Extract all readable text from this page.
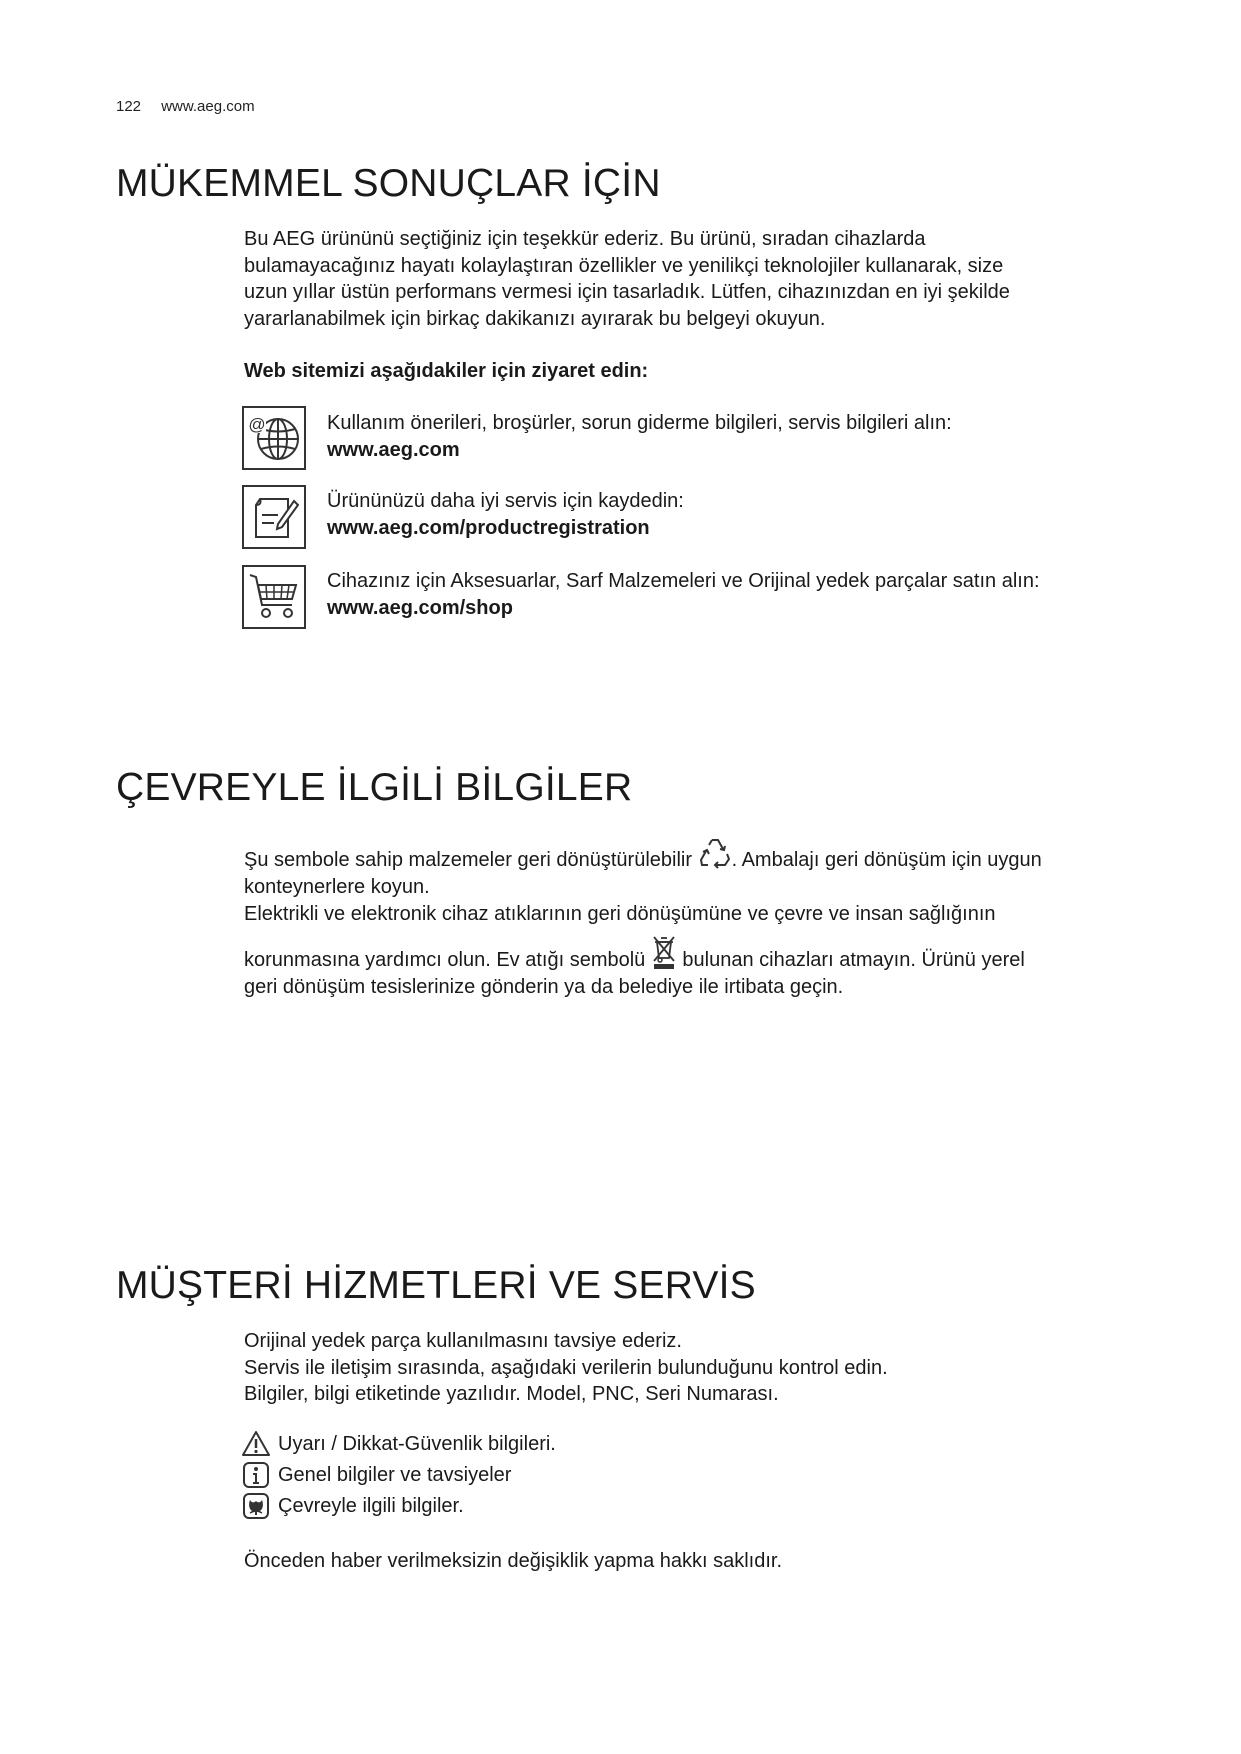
122 www.aeg.com
MÜKEMMEL SONUÇLAR İÇİN

Bu AEG ürününü seçtiğiniz için teşekkür ederiz. Bu ürünü, sıradan cihazlarda

bulamayacağınız hayatı kolaylaştıran özellikler ve yenilikçi teknolojiler kullanarak, size

uzun yıllar üstün performans vermesi için tasarladık. Lütfen, cihazınızdan en iyi şekilde

yararlanabilmek için birkaç dakikanızı ayırarak bu belgeyi okuyun.

Web sitemizi aşağıdakiler için ziyaret edin:
@	Kullanım önerileri, broşürler, sorun giderme bilgileri, servis bilgileri alın:
www.aeg.com
Ürününüzü daha iyi servis için kaydedin:
www.aeg.com/productregistration
Cihazınız için Aksesuarlar, Sarf Malzemeleri ve Orijinal yedek parçalar satın alın:
www.aeg.com/shop
ÇEVREYLE İLGİLİ BİLGİLER

Şu sembole sahip malzemeler geri dönüştürülebilir . Ambalajı geri dönüşüm için uygun

konteynerlere koyun.

Elektrikli ve elektronik cihaz atıklarının geri dönüşümüne ve çevre ve insan sağlığının

korunmasına yardımcı olun. Ev atığı sembolü
bulunan cihazları atmayın. Ürünü yerel

geri dönüşüm tesislerinize gönderin ya da belediye ile irtibata geçin.

MÜŞTERİ HİZMETLERİ VE SERVİS

Orijinal yedek parça kullanılmasını tavsiye ederiz.

Servis ile iletişim sırasında, aşağıdaki verilerin bulunduğunu kontrol edin.

Bilgiler, bilgi etiketinde yazılıdır. Model, PNC, Seri Numarası.

Uyarı / Dikkat-Güvenlik bilgileri.
Genel bilgiler ve tavsiyeler
Çevreyle ilgili bilgiler.
Önceden haber verilmeksizin değişiklik yapma hakkı saklıdır.
